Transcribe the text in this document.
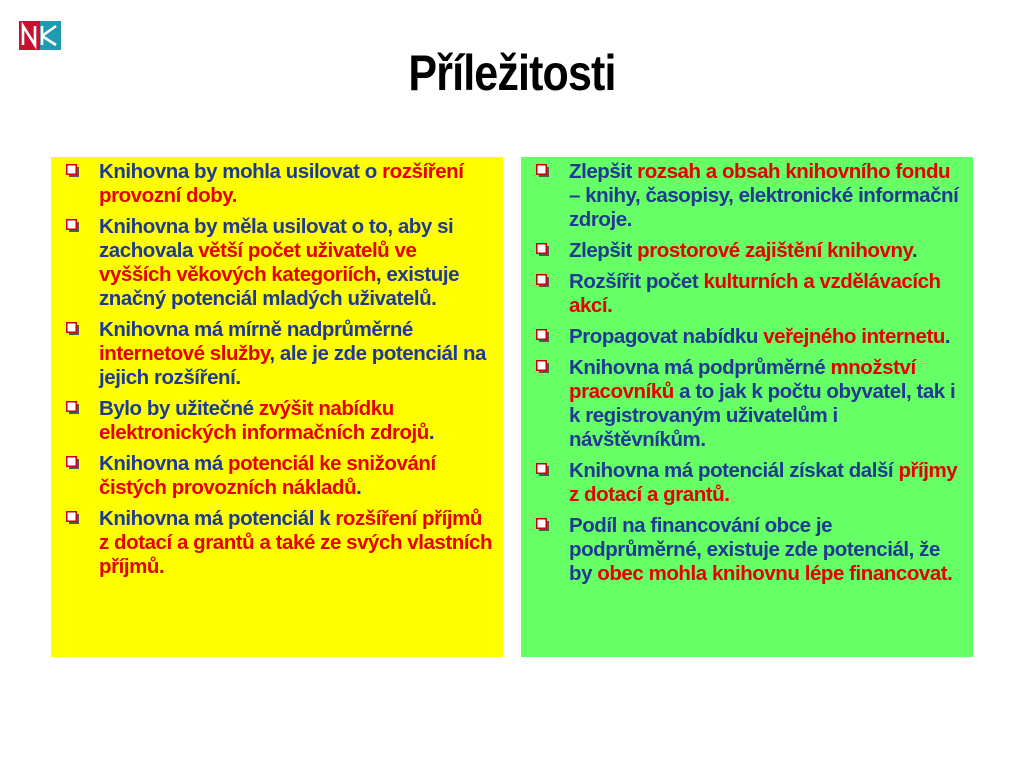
Příležitosti
Knihovna by mohla usilovat o rozšíření provozní doby.
Knihovna by měla usilovat o to, aby si zachovala větší počet uživatelů ve vyšších věkových kategoriích, existuje značný potenciál mladých uživatelů.
Knihovna má mírně nadprůměrné internetové služby, ale je zde potenciál na jejich rozšíření.
Bylo by užitečné zvýšit nabídku elektronických informačních zdrojů.
Knihovna má potenciál ke snižování čistých provozních nákladů.
Knihovna má potenciál k rozšíření příjmů z dotací a grantů a také ze svých vlastních příjmů.
Zlepšit rozsah a obsah knihovního fondu – knihy, časopisy, elektronické informační zdroje.
Zlepšit prostorové zajištění knihovny.
Rozšířit počet kulturních a vzdělávacích akcí.
Propagovat nabídku veřejného internetu.
Knihovna má podprůměrné množství pracovníků a to jak k počtu obyvatel, tak i k registrovaným uživatelům i návštěvníkům.
Knihovna má potenciál získat další příjmy z dotací a grantů.
Podíl na financování obce je podprůměrné, existuje zde potenciál, že by obec mohla knihovnu lépe financovat.
